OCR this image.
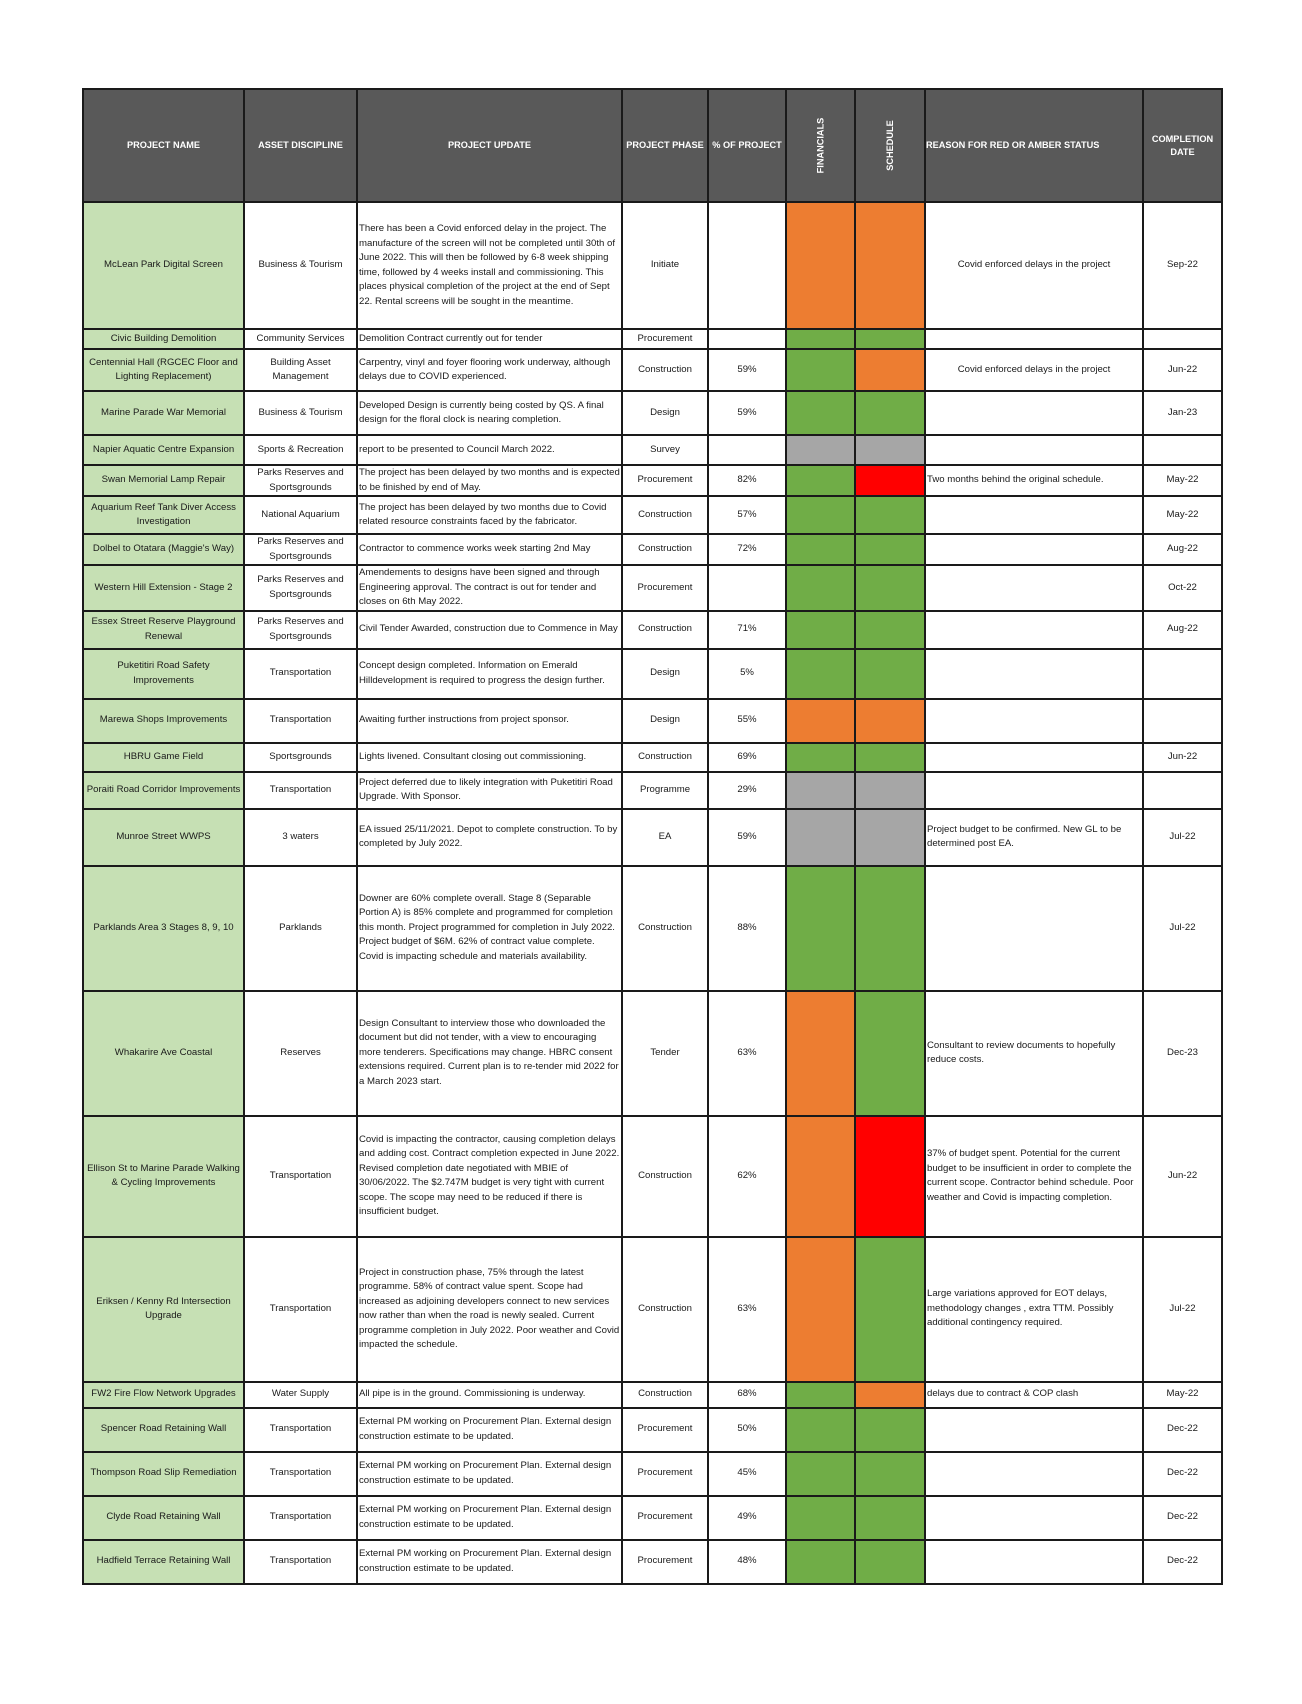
PROJECT NAME	ASSET DISCIPLINE	PROJECT UPDATE	PROJECT PHASE	% OF PROJECT	FINANCIALS	SCHEDULE	REASON FOR RED OR AMBER STATUS	COMPLETION DATE
McLean Park Digital Screen	Business & Tourism	There has been a Covid enforced delay in the project. The manufacture of the screen will not be completed until 30th of June 2022. This will then be followed by 6-8 week shipping time, followed by 4 weeks install and commissioning. This places physical completion of the project at the end of Sept 22. Rental screens will be sought in the meantime.	Initiate				Covid enforced delays in the project	Sep-22
Civic Building Demolition	Community Services	Demolition Contract currently out for tender	Procurement					
Centennial Hall (RGCEC Floor and Lighting Replacement)	Building Asset Management	Carpentry, vinyl and foyer flooring work underway, although delays due to COVID experienced.	Construction	59%			Covid enforced delays in the project	Jun-22
Marine Parade War Memorial	Business & Tourism	Developed Design is currently being costed by QS. A final design for the floral clock is nearing completion.	Design	59%				Jan-23
Napier Aquatic Centre Expansion	Sports & Recreation	report to be presented to Council March 2022.	Survey					
Swan Memorial Lamp Repair	Parks Reserves and Sportsgrounds	The project has been delayed by two months and is expected to be finished by end of May.	Procurement	82%			Two months behind the original schedule.	May-22
Aquarium Reef Tank Diver Access Investigation	National Aquarium	The project has been delayed by two months due to Covid related resource constraints faced by the fabricator.	Construction	57%				May-22
Dolbel to Otatara (Maggie's Way)	Parks Reserves and Sportsgrounds	Contractor to commence works week starting 2nd May	Construction	72%				Aug-22
Western Hill Extension - Stage 2	Parks Reserves and Sportsgrounds	Amendements to designs have been signed and through Engineering approval. The contract is out for tender and closes on 6th May 2022.	Procurement					Oct-22
Essex Street Reserve Playground Renewal	Parks Reserves and Sportsgrounds	Civil Tender Awarded, construction due to Commence in May	Construction	71%				Aug-22
Puketitiri Road Safety Improvements	Transportation	Concept design completed. Information on Emerald Hilldevelopment is required to progress the design further.	Design	5%				
Marewa Shops Improvements	Transportation	Awaiting further instructions from project sponsor.	Design	55%				
HBRU Game Field	Sportsgrounds	Lights livened. Consultant closing out commissioning.	Construction	69%				Jun-22
Poraiti Road Corridor Improvements	Transportation	Project deferred due to likely integration with Puketitiri Road Upgrade. With Sponsor.	Programme	29%				
Munroe Street WWPS	3 waters	EA issued 25/11/2021. Depot to complete construction. To by completed by July 2022.	EA	59%			Project budget to be confirmed. New GL to be determined post EA.	Jul-22
Parklands Area 3 Stages 8, 9, 10	Parklands	Downer are 60% complete overall. Stage 8 (Separable Portion A) is 85% complete and programmed for completion this month. Project programmed for completion in July 2022. Project budget of $6M. 62% of contract value complete. Covid is impacting schedule and materials availability.	Construction	88%				Jul-22
Whakarire Ave Coastal	Reserves	Design Consultant to interview those who downloaded the document but did not tender, with a view to encouraging more tenderers. Specifications may change. HBRC consent extensions required. Current plan is to re-tender mid 2022 for a March 2023 start.	Tender	63%			Consultant to review documents to hopefully reduce costs.	Dec-23
Ellison St to Marine Parade Walking & Cycling Improvements	Transportation	Covid is impacting the contractor, causing completion delays and adding cost. Contract completion expected in June 2022. Revised completion date negotiated with MBIE of 30/06/2022. The $2.747M budget is very tight with current scope. The scope may need to be reduced if there is insufficient budget.	Construction	62%			37% of budget spent. Potential for the current budget to be insufficient in order to complete the current scope. Contractor behind schedule. Poor weather and Covid is impacting completion.	Jun-22
Eriksen / Kenny Rd Intersection Upgrade	Transportation	Project in construction phase, 75% through the latest programme. 58% of contract value spent. Scope had increased as adjoining developers connect to new services now rather than when the road is newly sealed. Current programme completion in July 2022. Poor weather and Covid impacted the schedule.	Construction	63%			Large variations approved for EOT delays, methodology changes , extra TTM. Possibly additional contingency required.	Jul-22
FW2 Fire Flow Network Upgrades	Water Supply	All pipe is in the ground. Commissioning is underway.	Construction	68%			delays due to contract & COP clash	May-22
Spencer Road Retaining Wall	Transportation	External PM working on Procurement Plan. External design construction estimate to be updated.	Procurement	50%				Dec-22
Thompson Road Slip Remediation	Transportation	External PM working on Procurement Plan. External design construction estimate to be updated.	Procurement	45%				Dec-22
Clyde Road Retaining Wall	Transportation	External PM working on Procurement Plan. External design construction estimate to be updated.	Procurement	49%				Dec-22
Hadfield Terrace Retaining Wall	Transportation	External PM working on Procurement Plan. External design construction estimate to be updated.	Procurement	48%				Dec-22
